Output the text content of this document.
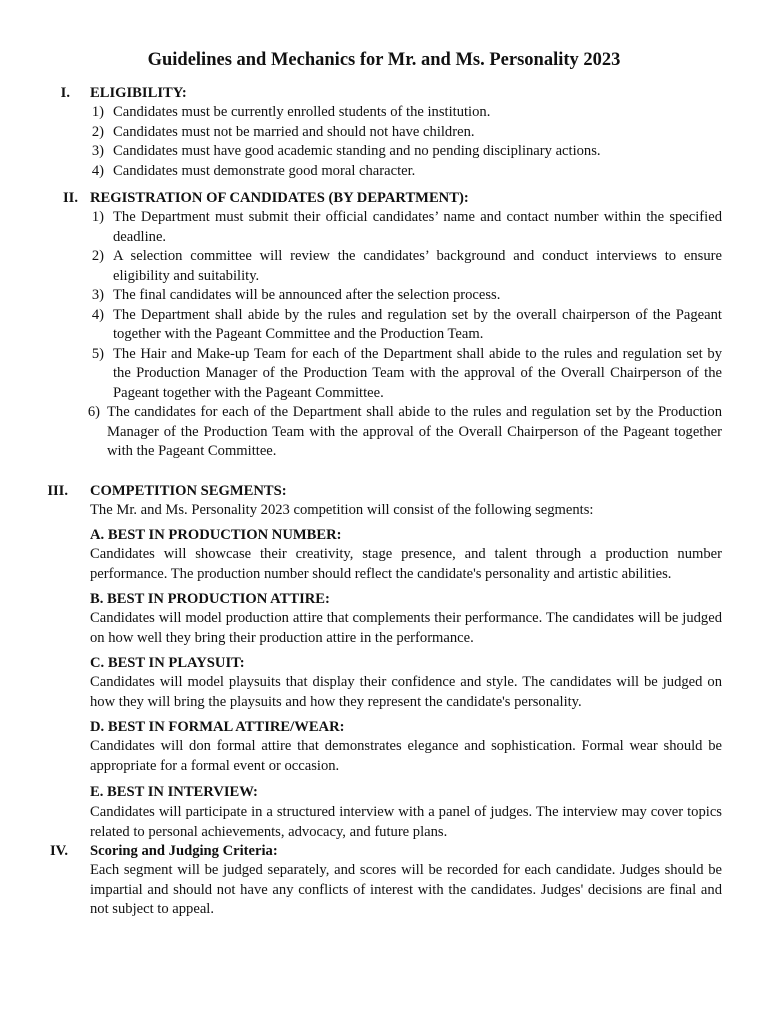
Guidelines and Mechanics for Mr. and Ms. Personality 2023
I. ELIGIBILITY:
1) Candidates must be currently enrolled students of the institution.
2) Candidates must not be married and should not have children.
3) Candidates must have good academic standing and no pending disciplinary actions.
4) Candidates must demonstrate good moral character.
II. REGISTRATION OF CANDIDATES (BY DEPARTMENT):
1) The Department must submit their official candidates’ name and contact number within the specified deadline.
2) A selection committee will review the candidates’ background and conduct interviews to ensure eligibility and suitability.
3) The final candidates will be announced after the selection process.
4) The Department shall abide by the rules and regulation set by the overall chairperson of the Pageant together with the Pageant Committee and the Production Team.
5) The Hair and Make-up Team for each of the Department shall abide to the rules and regulation set by the Production Manager of the Production Team with the approval of the Overall Chairperson of the Pageant together with the Pageant Committee.
6) The candidates for each of the Department shall abide to the rules and regulation set by the Production Manager of the Production Team with the approval of the Overall Chairperson of the Pageant together with the Pageant Committee.
III. COMPETITION SEGMENTS:
The Mr. and Ms. Personality 2023 competition will consist of the following segments:
A. BEST IN PRODUCTION NUMBER:
Candidates will showcase their creativity, stage presence, and talent through a production number performance. The production number should reflect the candidate's personality and artistic abilities.
B. BEST IN PRODUCTION ATTIRE:
Candidates will model production attire that complements their performance. The candidates will be judged on how well they bring their production attire in the performance.
C. BEST IN PLAYSUIT:
Candidates will model playsuits that display their confidence and style. The candidates will be judged on how they will bring the playsuits and how they represent the candidate's personality.
D. BEST IN FORMAL ATTIRE/WEAR:
Candidates will don formal attire that demonstrates elegance and sophistication. Formal wear should be appropriate for a formal event or occasion.
E. BEST IN INTERVIEW:
Candidates will participate in a structured interview with a panel of judges. The interview may cover topics related to personal achievements, advocacy, and future plans.
IV. Scoring and Judging Criteria:
Each segment will be judged separately, and scores will be recorded for each candidate. Judges should be impartial and should not have any conflicts of interest with the candidates. Judges' decisions are final and not subject to appeal.
